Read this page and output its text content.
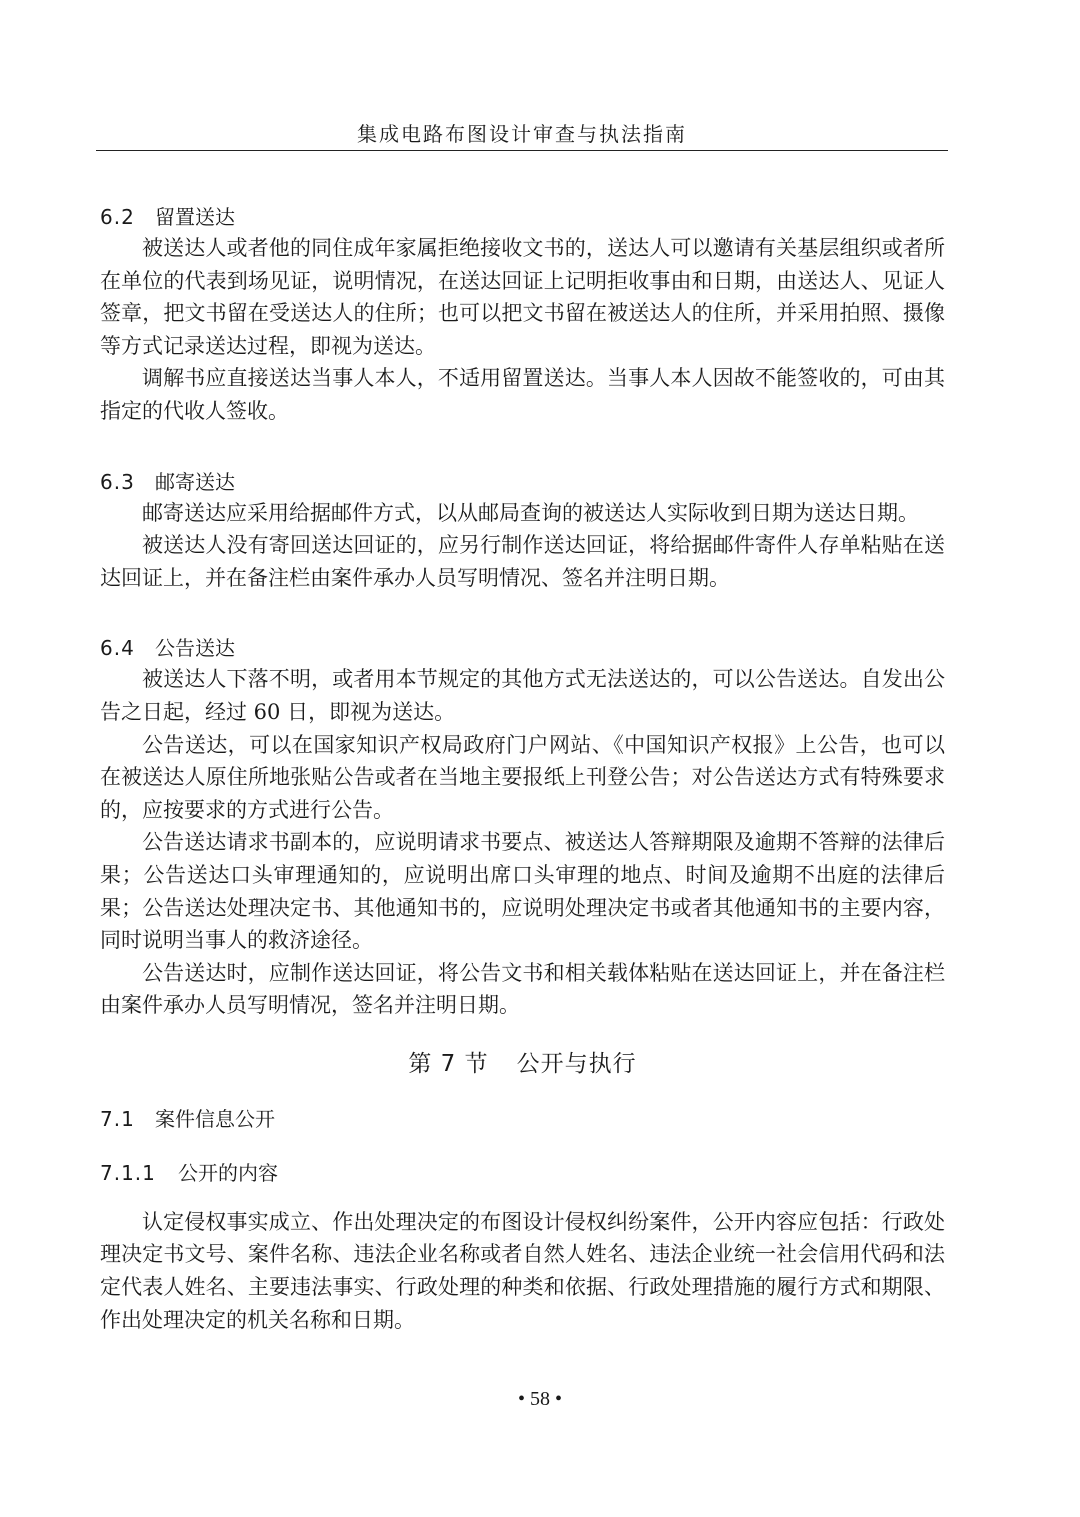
集成电路布图设计审查与执法指南
6.2 留置送达

被送达人或者他的同住成年家属拒绝接收文书的，送达人可以邀请有关基层组织或者所在单位的代表到场见证，说明情况，在送达回证上记明拒收事由和日期，由送达人、见证人签章，把文书留在受送达人的住所；也可以把文书留在被送达人的住所，并采用拍照、摄像等方式记录送达过程，即视为送达。

调解书应直接送达当事人本人，不适用留置送达。当事人本人因故不能签收的，可由其指定的代收人签收。

6.3 邮寄送达

邮寄送达应采用给据邮件方式，以从邮局查询的被送达人实际收到日期为送达日期。

被送达人没有寄回送达回证的，应另行制作送达回证，将给据邮件寄件人存单粘贴在送达回证上，并在备注栏由案件承办人员写明情况、签名并注明日期。

6.4 公告送达

被送达人下落不明，或者用本节规定的其他方式无法送达的，可以公告送达。自发出公告之日起，经过 60 日，即视为送达。

公告送达，可以在国家知识产权局政府门户网站、《中国知识产权报》上公告，也可以在被送达人原住所地张贴公告或者在当地主要报纸上刊登公告；对公告送达方式有特殊要求的，应按要求的方式进行公告。

公告送达请求书副本的，应说明请求书要点、被送达人答辩期限及逾期不答辩的法律后果；公告送达口头审理通知的，应说明出席口头审理的地点、时间及逾期不出庭的法律后果；公告送达处理决定书、其他通知书的，应说明处理决定书或者其他通知书的主要内容，同时说明当事人的救济途径。

公告送达时，应制作送达回证，将公告文书和相关载体粘贴在送达回证上，并在备注栏由案件承办人员写明情况，签名并注明日期。

第 7 节 公开与执行
7.1 案件信息公开
7.1.1 公开的内容

认定侵权事实成立、作出处理决定的布图设计侵权纠纷案件，公开内容应包括：行政处理决定书文号、案件名称、违法企业名称或者自然人姓名、违法企业统一社会信用代码和法定代表人姓名、主要违法事实、行政处理的种类和依据、行政处理措施的履行方式和期限、作出处理决定的机关名称和日期。

• 58 •
